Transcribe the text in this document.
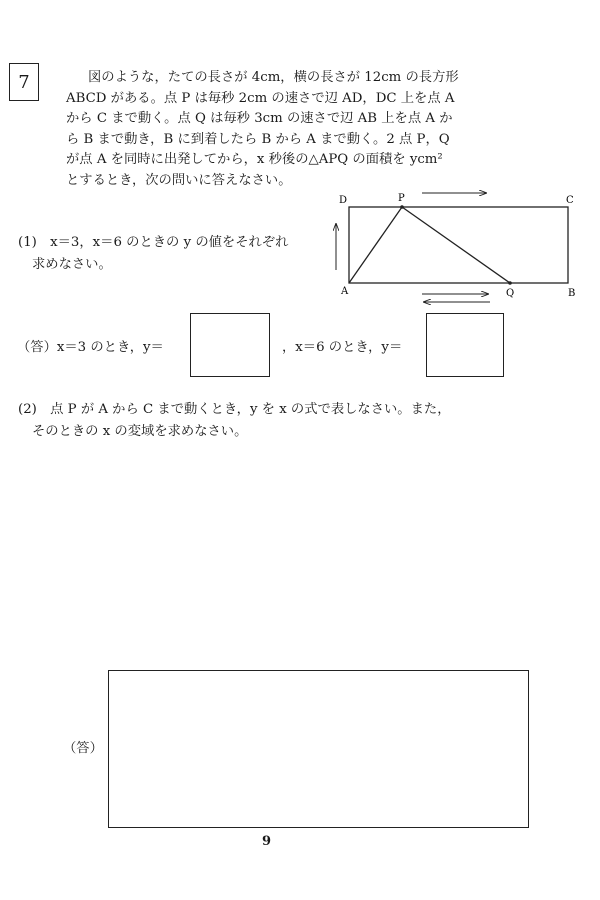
7	図のような，たての長さが 4cm，横の長さが 12cm の長方形
ABCD がある。点 P は毎秒 2cm の速さで辺 AD，DC 上を点 A
から C まで動く。点 Q は毎秒 3cm の速さで辺 AB 上を点 A か
ら B まで動き，B に到着したら B から A まで動く。2 点 P，Q
が点 A を同時に出発してから，x 秒後の△APQ の面積を ycm²
とするとき，次の問いに答えなさい。
A	B
C
D	P
Q
(1)　x＝3，x＝6 のときの y の値をそれぞれ
求めなさい。
（答）x＝3 のとき，y＝	，x＝6 のとき，y＝
(2)　点 P が A から C まで動くとき，y を x の式で表しなさい。また，
そのときの x の変域を求めなさい。
（答）
9
